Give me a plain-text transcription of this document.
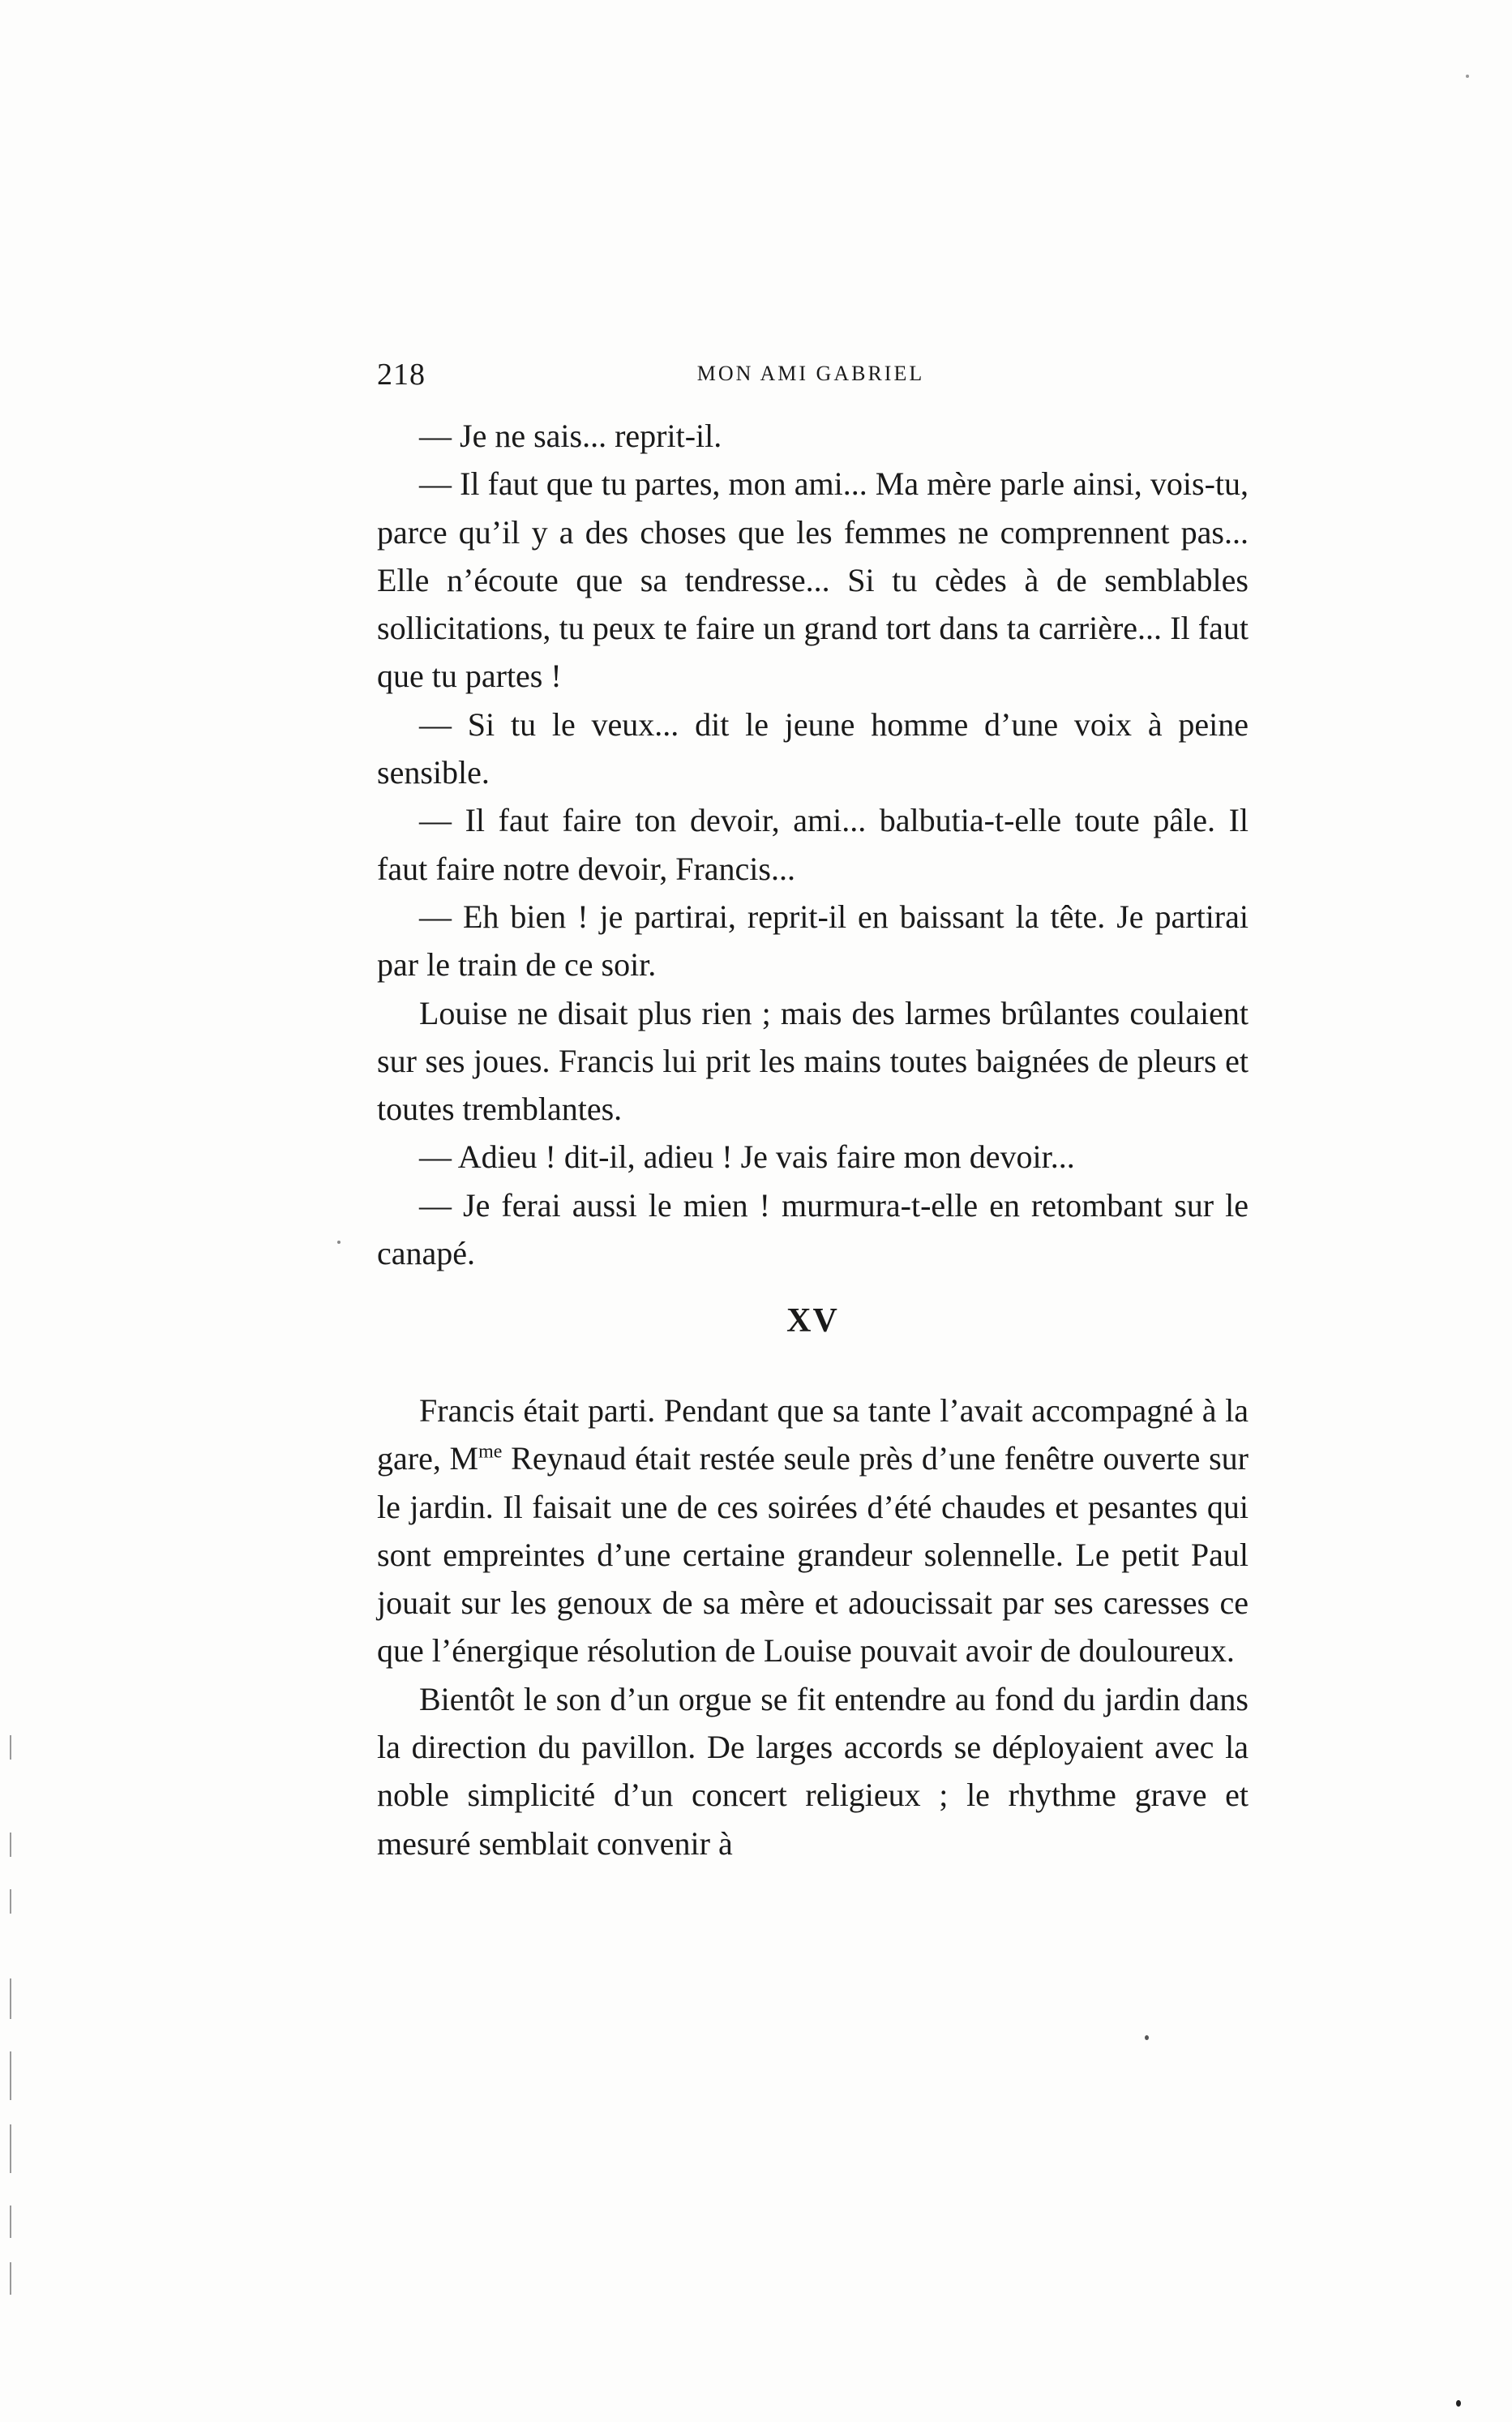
218	MON AMI GABRIEL

— Je ne sais... reprit-il.

— Il faut que tu partes, mon ami... Ma mère parle ainsi, vois-tu, parce qu’il y a des choses que les femmes ne comprennent pas... Elle n’écoute que sa tendresse... Si tu cèdes à de semblables sollicitations, tu peux te faire un grand tort dans ta carrière... Il faut que tu partes !

— Si tu le veux... dit le jeune homme d’une voix à peine sensible.

— Il faut faire ton devoir, ami... balbutia-t-elle toute pâle. Il faut faire notre devoir, Francis...

— Eh bien ! je partirai, reprit-il en baissant la tête. Je partirai par le train de ce soir.

Louise ne disait plus rien ; mais des larmes brûlantes coulaient sur ses joues. Francis lui prit les mains toutes baignées de pleurs et toutes tremblantes.

— Adieu ! dit-il, adieu ! Je vais faire mon devoir...

— Je ferai aussi le mien ! murmura-t-elle en retombant sur le canapé.

XV

Francis était parti. Pendant que sa tante l’avait accompagné à la gare, $M^{me}$ Reynaud était restée seule près d’une fenêtre ouverte sur le jardin. Il faisait une de ces soirées d’été chaudes et pesantes qui sont empreintes d’une certaine grandeur solennelle. Le petit Paul jouait sur les genoux de sa mère et adoucissait par ses caresses ce que l’énergique résolution de Louise pouvait avoir de douloureux.

Bientôt le son d’un orgue se fit entendre au fond du jardin dans la direction du pavillon. De larges accords se déployaient avec la noble simplicité d’un concert religieux ; le rhythme grave et mesuré semblait convenir à
